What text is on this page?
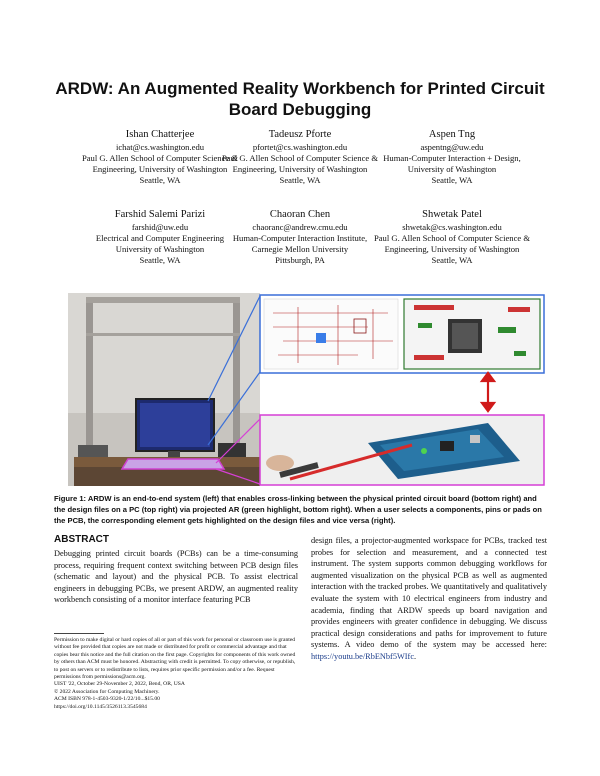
ARDW: An Augmented Reality Workbench for Printed Circuit Board Debugging
Ishan Chatterjee
ichat@cs.washington.edu
Paul G. Allen School of Computer Science & Engineering, University of Washington
Seattle, WA
Tadeusz Pforte
pfortet@cs.washington.edu
Paul G. Allen School of Computer Science & Engineering, University of Washington
Seattle, WA
Aspen Tng
aspentng@uw.edu
Human-Computer Interaction + Design, University of Washington
Seattle, WA
Farshid Salemi Parizi
farshid@uw.edu
Electrical and Computer Engineering University of Washington
Seattle, WA
Chaoran Chen
chaoranc@andrew.cmu.edu
Human-Computer Interaction Institute, Carnegie Mellon University
Pittsburgh, PA
Shwetak Patel
shwetak@cs.washington.edu
Paul G. Allen School of Computer Science & Engineering, University of Washington
Seattle, WA
Figure 1: ARDW is an end-to-end system (left) that enables cross-linking between the physical printed circuit board (bottom right) and the design files on a PC (top right) via projected AR (green highlight, bottom right). When a user selects a components, pins or pads on the PCB, the corresponding element gets highlighted on the design files and vice versa (right).
ABSTRACT
Debugging printed circuit boards (PCBs) can be a time-consuming process, requiring frequent context switching between PCB design files (schematic and layout) and the physical PCB. To assist electrical engineers in debugging PCBs, we present ARDW, an augmented reality workbench consisting of a monitor interface featuring PCB
design files, a projector-augmented workspace for PCBs, tracked test probes for selection and measurement, and a connected test instrument. The system supports common debugging workflows for augmented visualization on the physical PCB as well as augmented interaction with the tracked probes. We quantitatively and qualitatively evaluate the system with 10 electrical engineers from industry and academia, finding that ARDW speeds up board navigation and provides engineers with greater confidence in debugging. We discuss practical design considerations and paths for improvement to future systems. A video demo of the system may be accessed here: https://youtu.be/RbENbf5WIfc.
Permission to make digital or hard copies of all or part of this work for personal or classroom use is granted without fee provided that copies are not made or distributed for profit or commercial advantage and that copies bear this notice and the full citation on the first page. Copyrights for components of this work owned by others than ACM must be honored. Abstracting with credit is permitted. To copy otherwise, or republish, to post on servers or to redistribute to lists, requires prior specific permission and/or a fee. Request permissions from permissions@acm.org.
UIST '22, October 29-November 2, 2022, Bend, OR, USA
© 2022 Association for Computing Machinery.
ACM ISBN 978-1-4503-9320-1/22/10...$15.00
https://doi.org/10.1145/3526113.3545684
